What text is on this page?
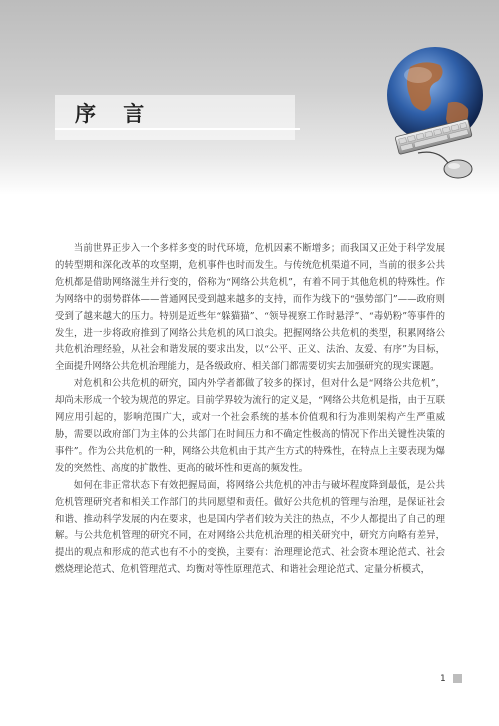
序 言

当前世界正步入一个多样多变的时代环境，危机因素不断增多；而我国又正处于科学发展的转型期和深化改革的攻坚期，危机事件也时而发生。与传统危机渠道不同，当前的很多公共危机都是借助网络滋生并行变的，俗称为“网络公共危机”，有着不同于其他危机的特殊性。作为网络中的弱势群体——普通网民受到越来越多的支持，而作为线下的“强势部门”——政府则受到了越来越大的压力。特别是近些年“躲猫猫”、“领导视察工作时悬浮”、“毒奶粉”等事件的发生，进一步将政府推到了网络公共危机的风口浪尖。把握网络公共危机的类型，积累网络公共危机治理经验，从社会和谐发展的要求出发，以“公平、正义、法治、友爱、有序”为目标，全面提升网络公共危机治理能力，是各级政府、相关部门都需要切实去加强研究的现实课题。

对危机和公共危机的研究，国内外学者都做了较多的探讨，但对什么是“网络公共危机”，却尚未形成一个较为规范的界定。目前学界较为流行的定义是，“网络公共危机是指，由于互联网应用引起的，影响范围广大，或对一个社会系统的基本价值观和行为准则架构产生严重威胁，需要以政府部门为主体的公共部门在时间压力和不确定性极高的情况下作出关键性决策的事件”。作为公共危机的一种，网络公共危机由于其产生方式的特殊性，在特点上主要表现为爆发的突然性、高度的扩散性、更高的破坏性和更高的频发性。

如何在非正常状态下有效把握局面，将网络公共危机的冲击与破坏程度降到最低，是公共危机管理研究者和相关工作部门的共同愿望和责任。做好公共危机的管理与治理，是保证社会和谐、推动科学发展的内在要求，也是国内学者们较为关注的热点，不少人都提出了自己的理解。与公共危机管理的研究不同，在对网络公共危机治理的相关研究中，研究方向略有差异，提出的观点和形成的范式也有不小的变换，主要有：治理理论范式、社会资本理论范式、社会燃烧理论范式、危机管理范式、均衡对等性原理范式、和谐社会理论范式、定量分析模式，

1
